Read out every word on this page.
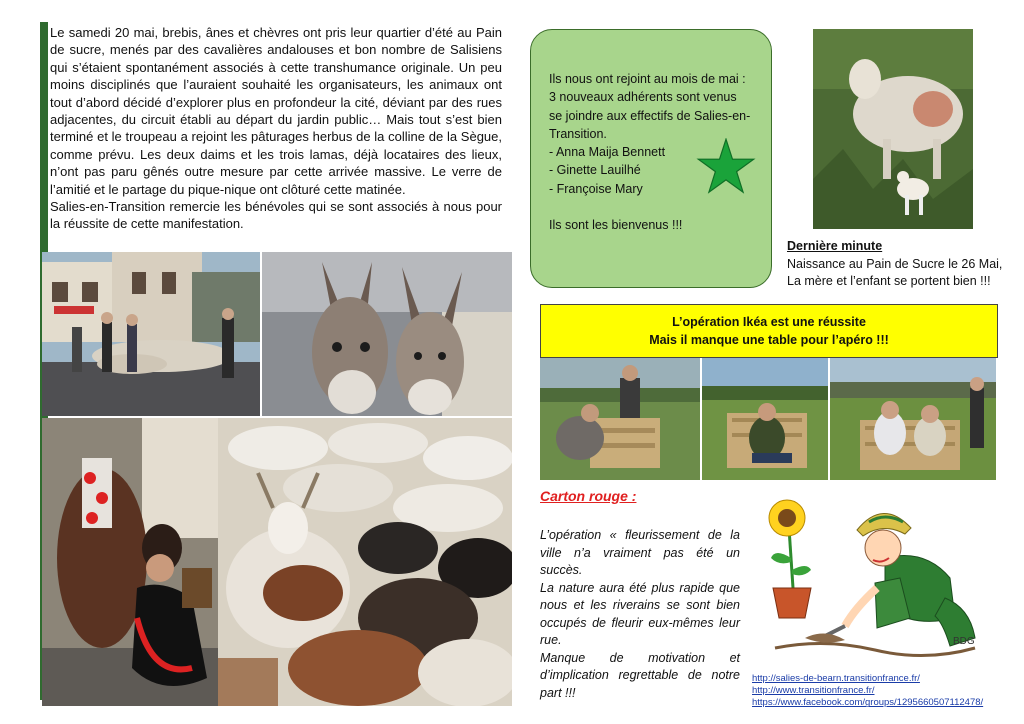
Le samedi 20 mai, brebis, ânes et chèvres ont pris leur quartier d’été au Pain de sucre, menés par des cavalières andalouses et bon nombre de Salisiens qui s’étaient spontanément associés à cette transhumance originale. Un peu moins disciplinés que l’auraient souhaité les organisateurs, les animaux ont tout d’abord décidé d’explorer plus en profondeur la cité, déviant par des rues adjacentes, du circuit établi au départ du jardin public… Mais tout s’est bien terminé et le troupeau a rejoint les pâturages herbus de la colline de la Sègue, comme prévu. Les deux daims et les trois lamas, déjà locataires des lieux, n’ont pas paru gênés outre mesure par cette arrivée massive. Le verre de l’amitié et le partage du pique-nique ont clôturé cette matinée.

Salies-en-Transition remercie les bénévoles qui se sont associés à nous pour la réussite de cette manifestation.

Ils nous ont rejoint au mois de mai :
3 nouveaux adhérents sont venus
se joindre aux effectifs de Salies-en-
Transition.
- Anna Maija Bennett
- Ginette Lauilhé
- Françoise Mary
Ils sont les bienvenus !!!
Dernière minute
Naissance au Pain de Sucre le 26 Mai,
La mère et l’enfant se portent bien !!!
L’opération Ikéa est une réussite
Mais il manque une table pour l’apéro !!!
Carton rouge :

L’opération « fleurissement de la ville n’a vraiment pas été un succès.

La nature aura été plus rapide que nous et les riverains se sont bien occupés de fleurir eux-mêmes leur rue.

Manque de motivation et d’implication regrettable de notre part !!!

BDG
http://salies-de-bearn.transitionfrance.fr/
http://www.transitionfrance.fr/
https://www.facebook.com/groups/1295660507112478/
